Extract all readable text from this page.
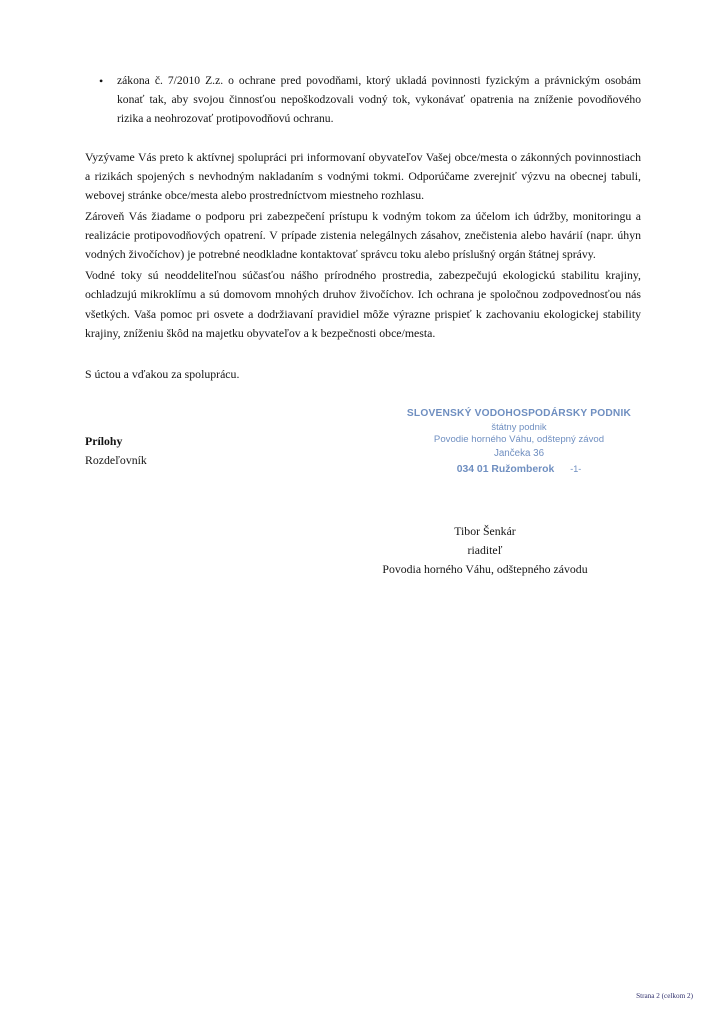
• zákona č. 7/2010 Z.z. o ochrane pred povodňami, ktorý ukladá povinnosti fyzickým a právnickým osobám konať tak, aby svojou činnosťou nepoškodzovali vodný tok, vykonávať opatrenia na zníženie povodňového rizika a neohrozovať protipovodňovú ochranu.

Vyzývame Vás preto k aktívnej spolupráci pri informovaní obyvateľov Vašej obce/mesta o zákonných povinnostiach a rizikách spojených s nevhodným nakladaním s vodnými tokmi. Odporúčame zverejniť výzvu na obecnej tabuli, webovej stránke obce/mesta alebo prostredníctvom miestneho rozhlasu.

Zároveň Vás žiadame o podporu pri zabezpečení prístupu k vodným tokom za účelom ich údržby, monitoringu a realizácie protipovodňových opatrení. V prípade zistenia nelegálnych zásahov, znečistenia alebo havárií (napr. úhyn vodných živočíchov) je potrebné neodkladne kontaktovať správcu toku alebo príslušný orgán štátnej správy.

Vodné toky sú neoddeliteľnou súčasťou nášho prírodného prostredia, zabezpečujú ekologickú stabilitu krajiny, ochladzujú mikroklímu a sú domovom mnohých druhov živočíchov. Ich ochrana je spoločnou zodpovednosťou nás všetkých. Vaša pomoc pri osvete a dodržiavaní pravidiel môže výrazne prispieť k zachovaniu ekologickej stability krajiny, zníženiu škôd na majetku obyvateľov a k bezpečnosti obce/mesta.

S úctou a vďakou za spoluprácu.

SLOVENSKÝ VODOHOSPODÁRSKY PODNIK
štátny podnik
Povodie horného Váhu, odštepný závod
Jančeka 36
034 01 Ružomberok -1-
Prílohy
Rozdeľovník
Tibor Šenkár
riaditeľ
Povodia horného Váhu, odštepného závodu
Strana 2 (celkom 2)
